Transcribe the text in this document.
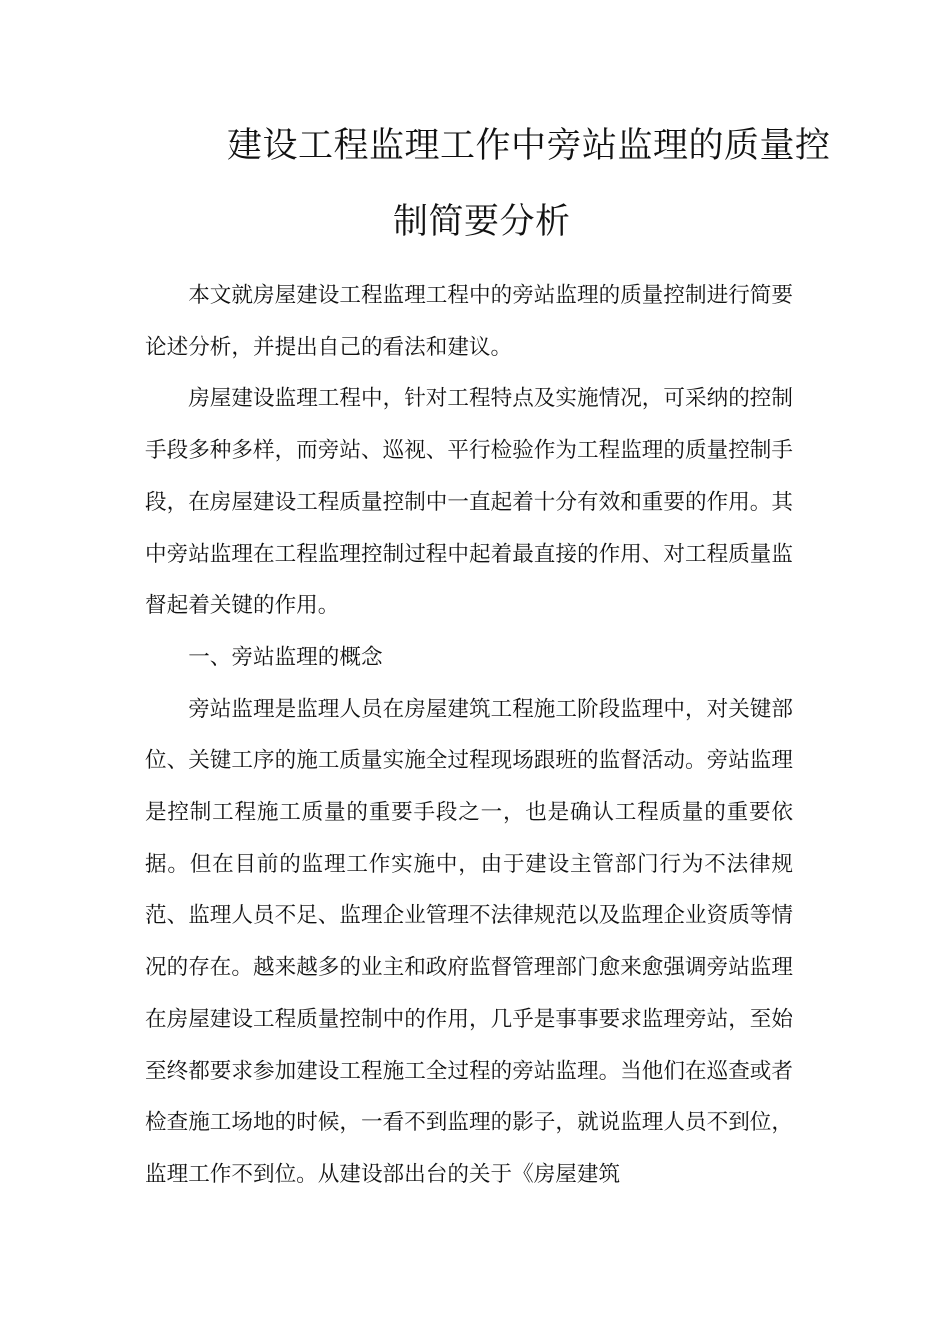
建设工程监理工作中旁站监理的质量控
制简要分析

本文就房屋建设工程监理工程中的旁站监理的质量控制进行简要论述分析，并提出自己的看法和建议。

房屋建设监理工程中，针对工程特点及实施情况，可采纳的控制手段多种多样，而旁站、巡视、平行检验作为工程监理的质量控制手段，在房屋建设工程质量控制中一直起着十分有效和重要的作用。其中旁站监理在工程监理控制过程中起着最直接的作用、对工程质量监督起着关键的作用。

一、旁站监理的概念

旁站监理是监理人员在房屋建筑工程施工阶段监理中，对关键部位、关键工序的施工质量实施全过程现场跟班的监督活动。旁站监理是控制工程施工质量的重要手段之一，也是确认工程质量的重要依据。但在目前的监理工作实施中，由于建设主管部门行为不法律规范、监理人员不足、监理企业管理不法律规范以及监理企业资质等情况的存在。越来越多的业主和政府监督管理部门愈来愈强调旁站监理在房屋建设工程质量控制中的作用，几乎是事事要求监理旁站，至始至终都要求参加建设工程施工全过程的旁站监理。当他们在巡查或者检查施工场地的时候，一看不到监理的影子，就说监理人员不到位，监理工作不到位。从建设部出台的关于《房屋建筑
